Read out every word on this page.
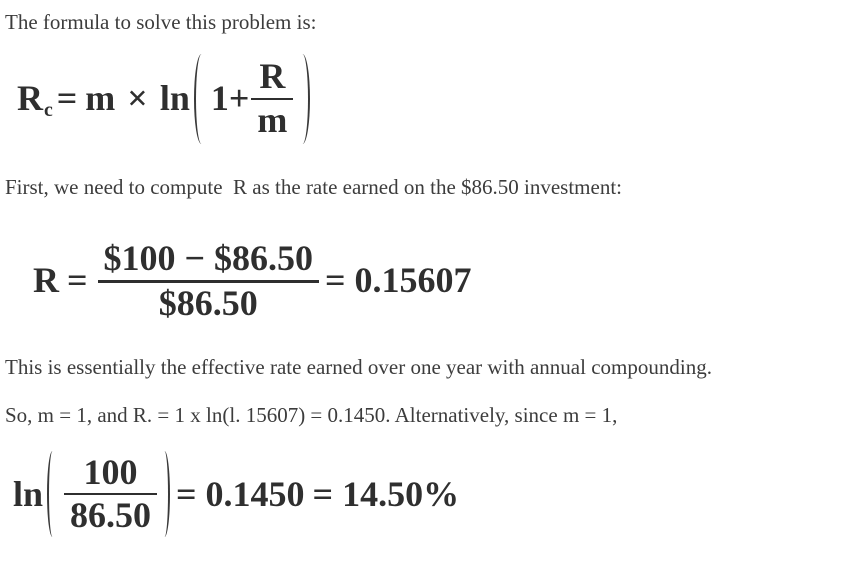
The formula to solve this problem is:

$Rc = m \times \ln 1+ \frac{R}{m}$

First, we need to compute  R as the rate earned on the $86.50 investment:

$R = \frac{\$100 - \$86.50}{\$86.50} = 0.15607$

This is essentially the effective rate earned over one year with annual compounding.

So, m = 1, and R. = 1 x ln(l. 15607) = 0.1450. Alternatively, since m = 1,

$\ln \frac{100}{86.50} = 0.1450 = 14.50\%$
